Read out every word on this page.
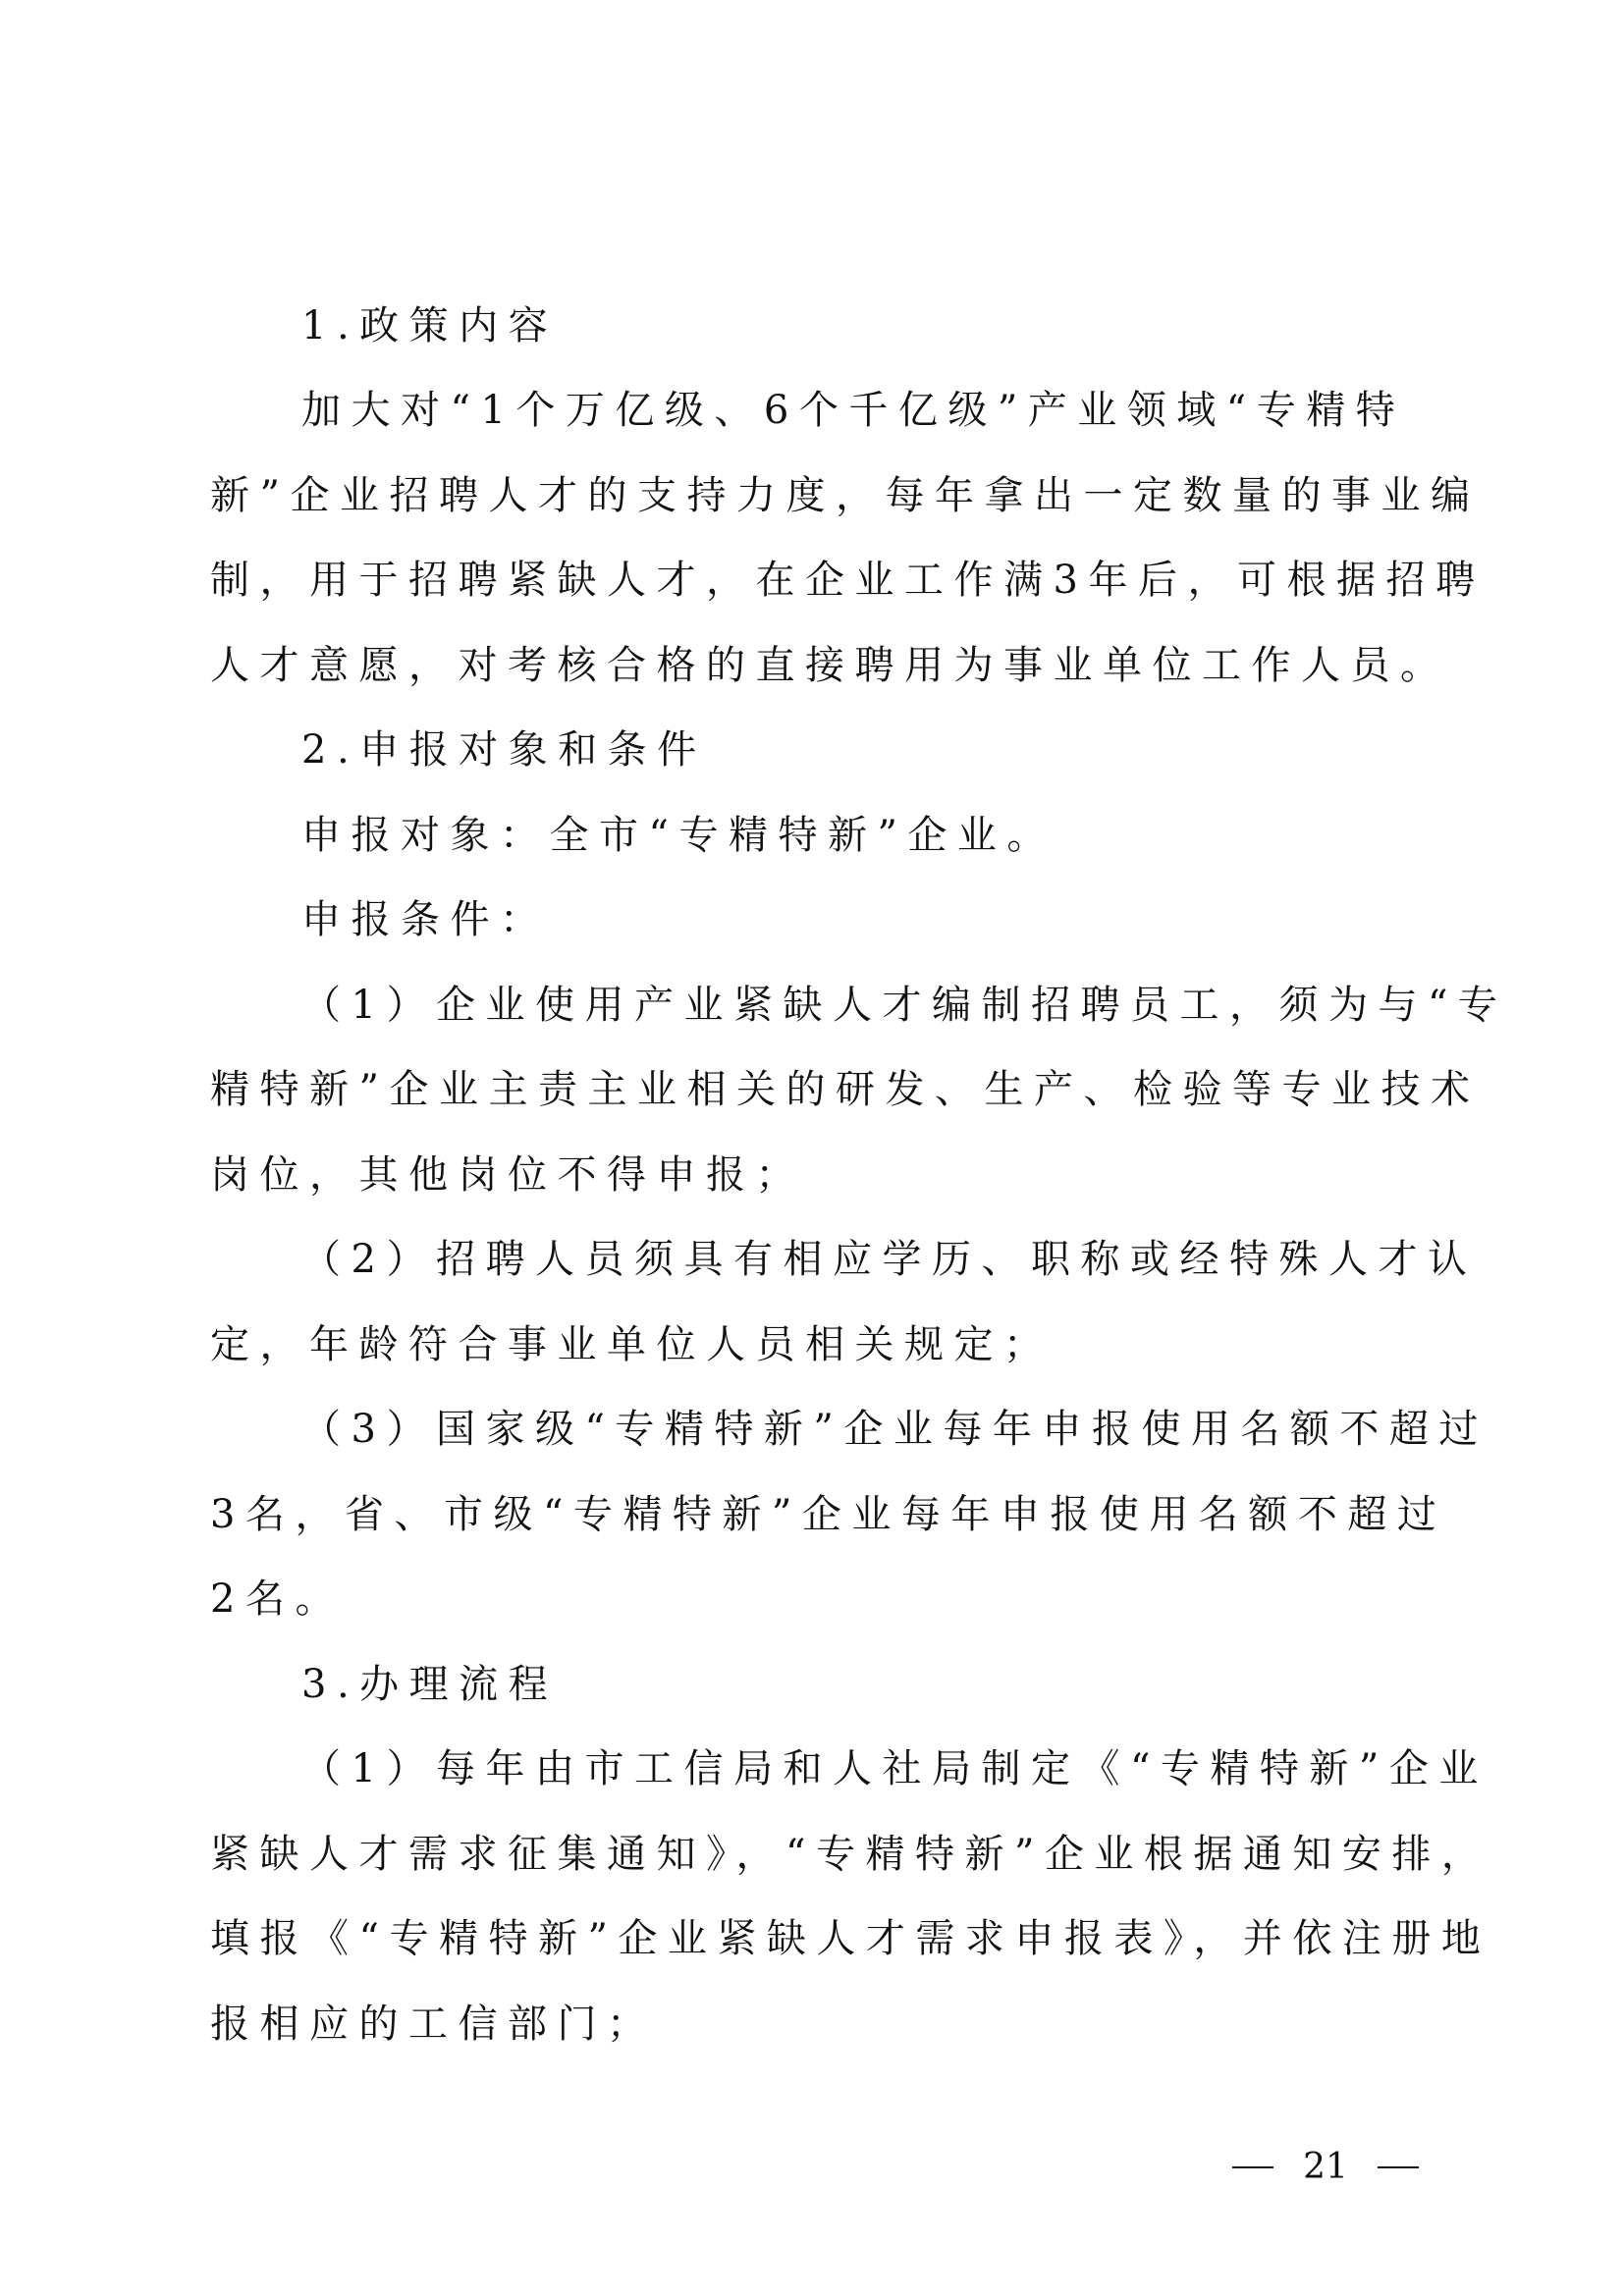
1.政策内容
加大对“1个万亿级、6个千亿级”产业领域“专精特
新”企业招聘人才的支持力度，每年拿出一定数量的事业编
制，用于招聘紧缺人才，在企业工作满3年后，可根据招聘
人才意愿，对考核合格的直接聘用为事业单位工作人员。
2.申报对象和条件
申报对象：全市“专精特新”企业。
申报条件：
（1）企业使用产业紧缺人才编制招聘员工，须为与“专
精特新”企业主责主业相关的研发、生产、检验等专业技术
岗位，其他岗位不得申报；
（2）招聘人员须具有相应学历、职称或经特殊人才认
定，年龄符合事业单位人员相关规定；
（3）国家级“专精特新”企业每年申报使用名额不超过
3名，省、市级“专精特新”企业每年申报使用名额不超过
2名。
3.办理流程
（1）每年由市工信局和人社局制定《“专精特新”企业
紧缺人才需求征集通知》，“专精特新”企业根据通知安排，
填报《“专精特新”企业紧缺人才需求申报表》，并依注册地
报相应的工信部门；
21
